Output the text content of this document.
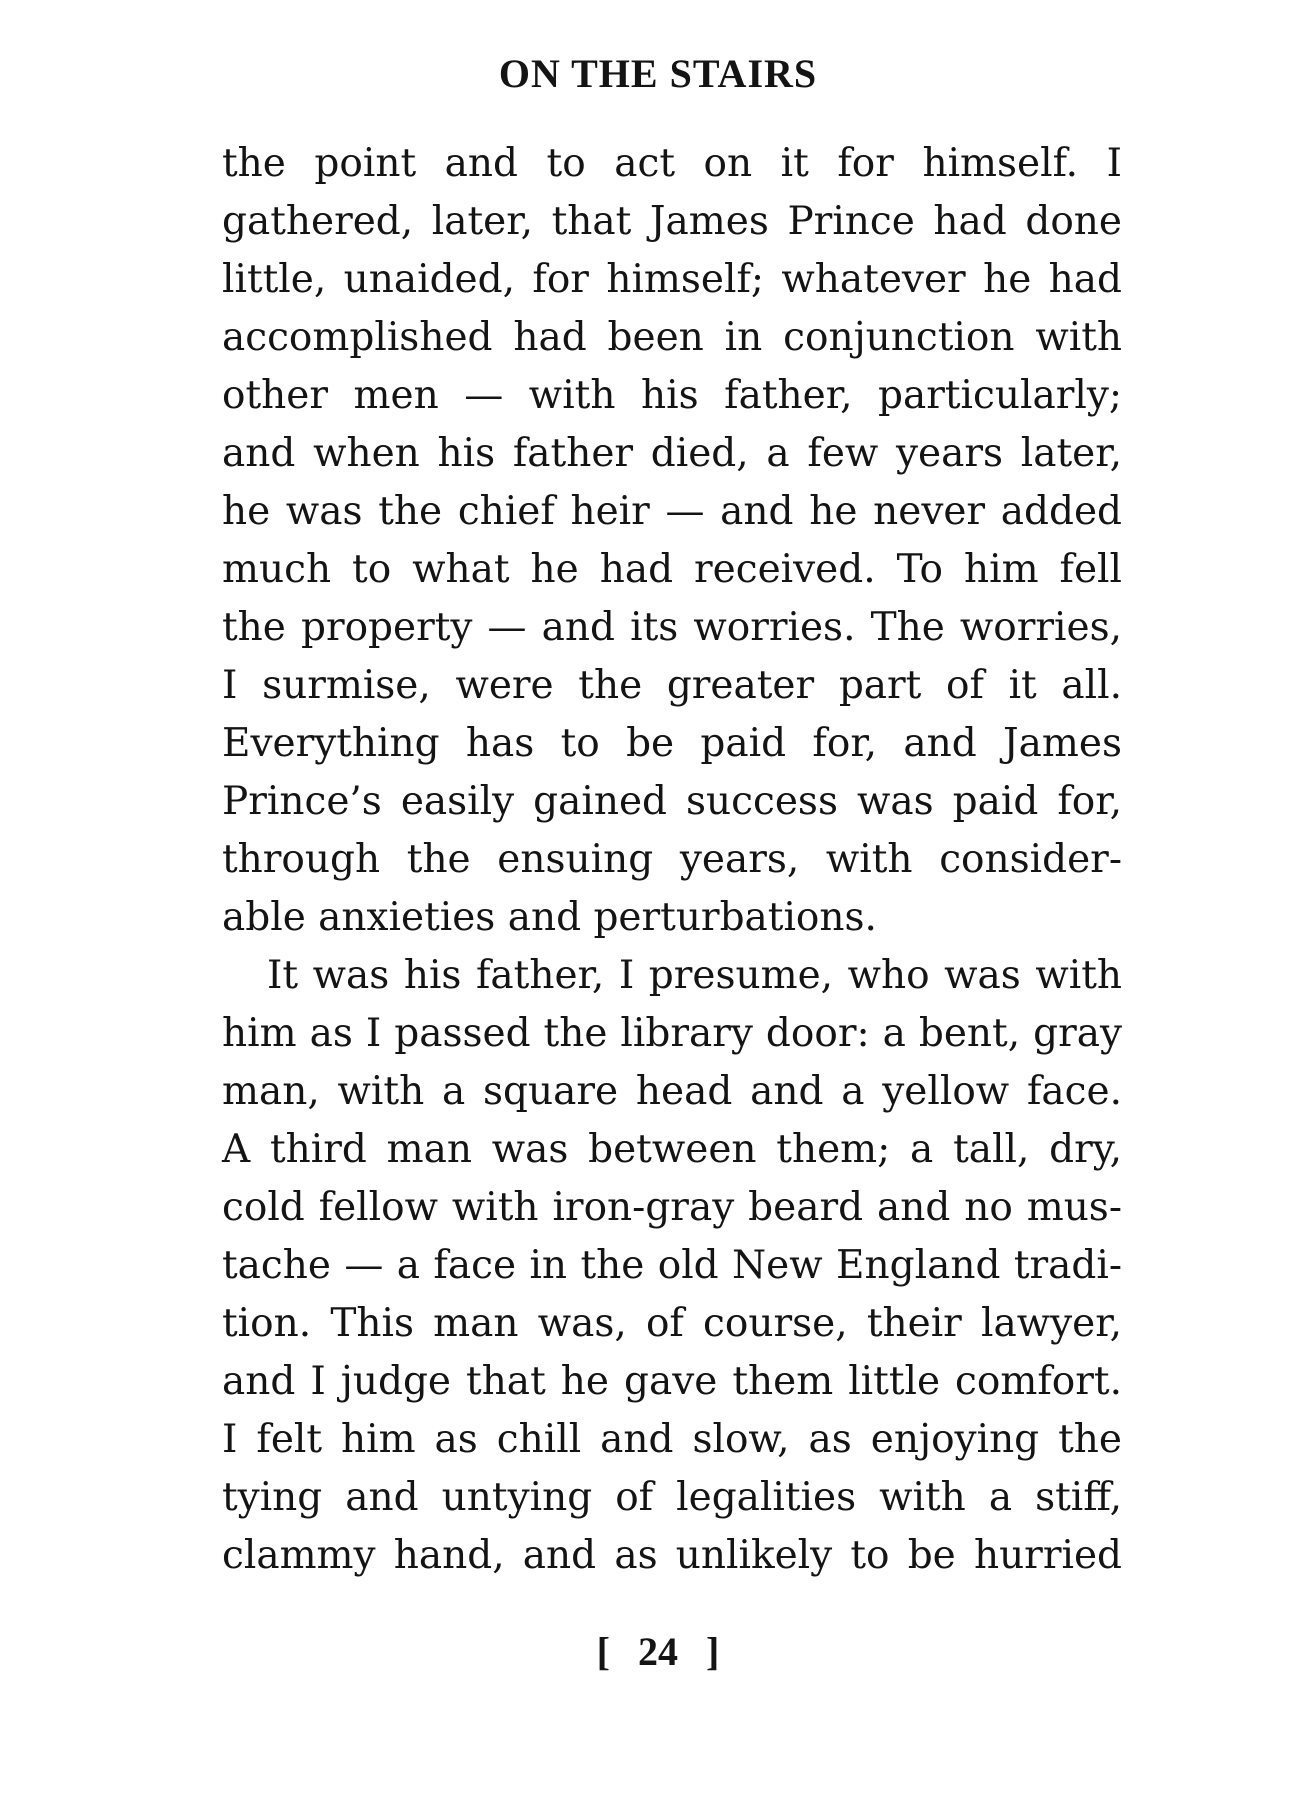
ON THE STAIRS
the point and to act on it for himself. I
gathered, later, that James Prince had done
little, unaided, for himself; whatever he had
accomplished had been in conjunction with
other men — with his father, particularly;
and when his father died, a few years later,
he was the chief heir — and he never added
much to what he had received. To him fell
the property — and its worries. The worries,
I surmise, were the greater part of it all.
Everything has to be paid for, and James
Prince’s easily gained success was paid for,
through the ensuing years, with consider-
able anxieties and perturbations.
It was his father, I presume, who was with
him as I passed the library door: a bent, gray
man, with a square head and a yellow face.
A third man was between them; a tall, dry,
cold fellow with iron-gray beard and no mus-
tache — a face in the old New England tradi-
tion. This man was, of course, their lawyer,
and I judge that he gave them little comfort.
I felt him as chill and slow, as enjoying the
tying and untying of legalities with a stiff,
clammy hand, and as unlikely to be hurried
[ 24 ]
